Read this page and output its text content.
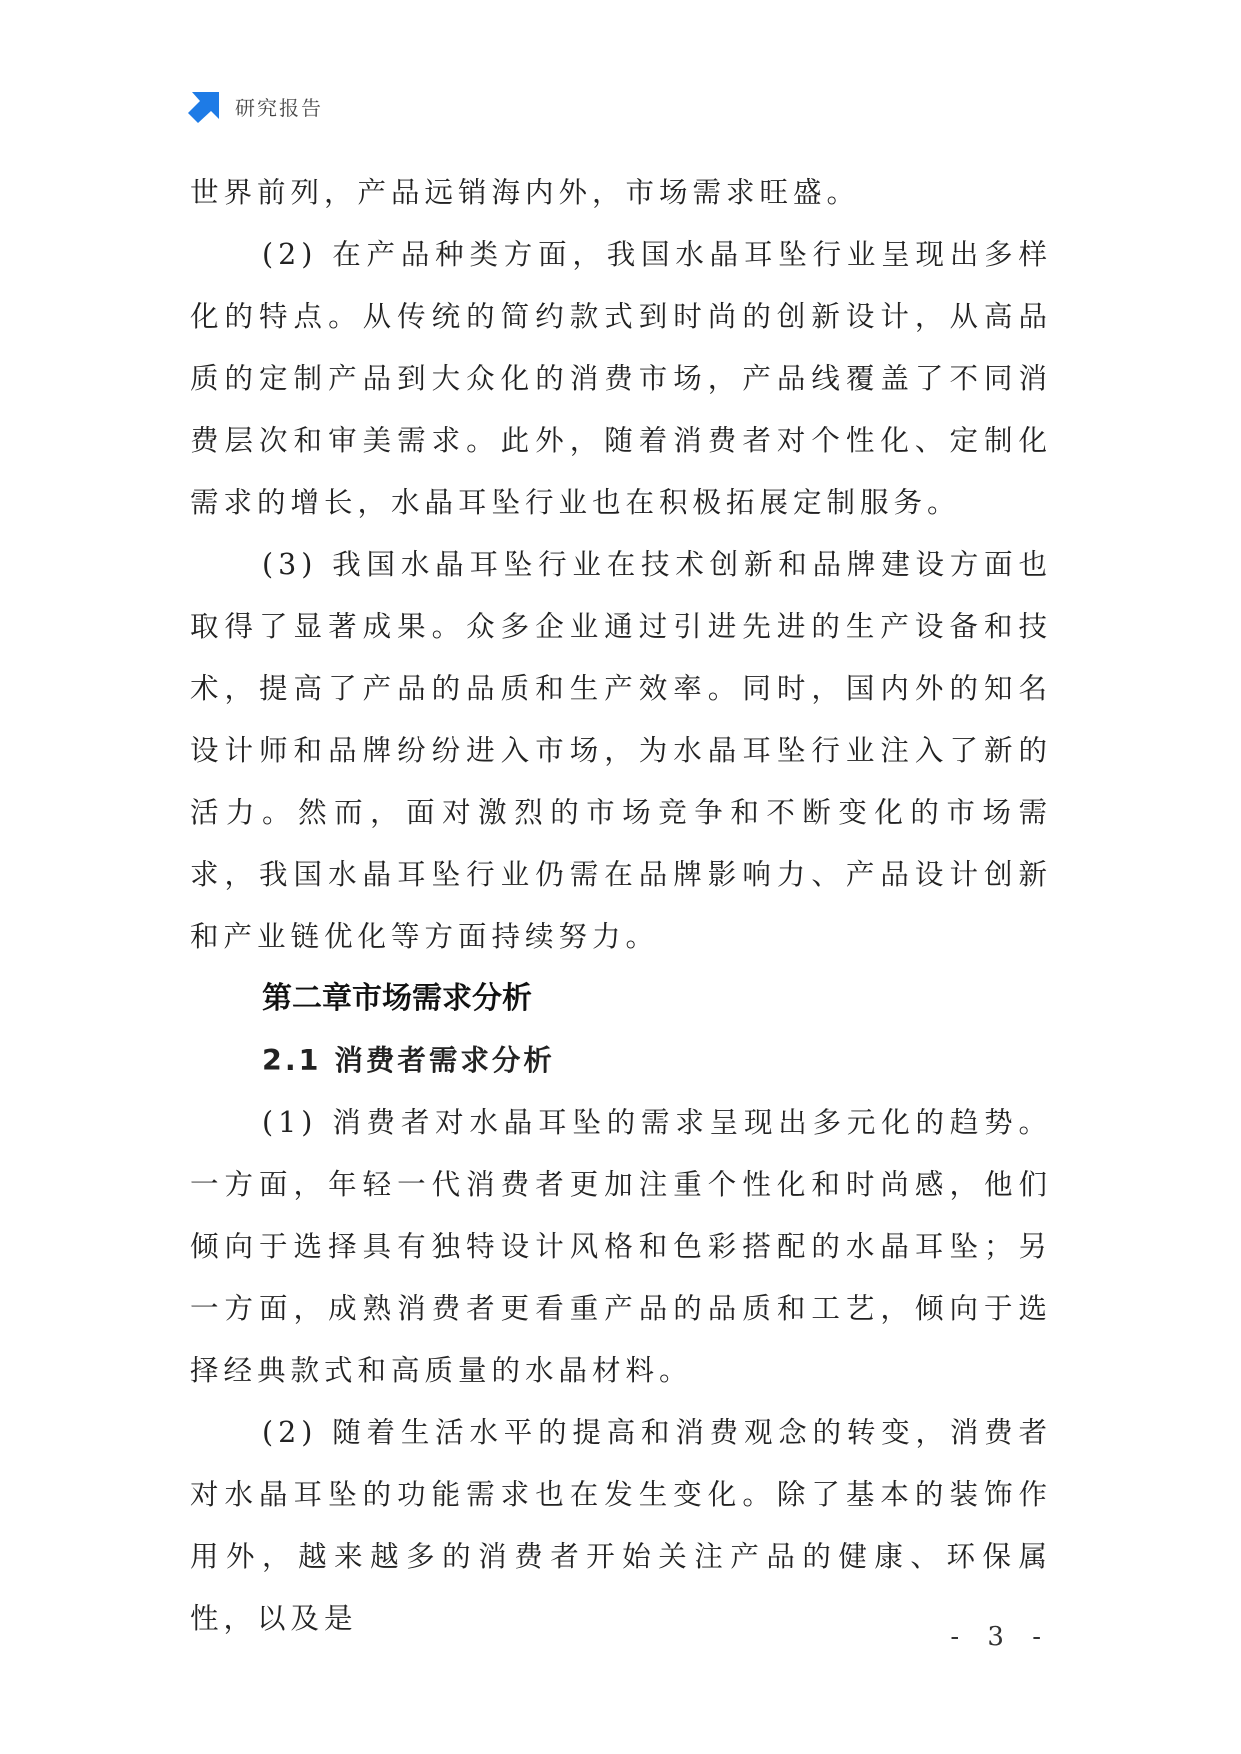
研究报告

世界前列，产品远销海内外，市场需求旺盛。

(2) 在产品种类方面，我国水晶耳坠行业呈现出多样化的特点。从传统的简约款式到时尚的创新设计，从高品质的定制产品到大众化的消费市场，产品线覆盖了不同消费层次和审美需求。此外，随着消费者对个性化、定制化需求的增长，水晶耳坠行业也在积极拓展定制服务。

(3) 我国水晶耳坠行业在技术创新和品牌建设方面也取得了显著成果。众多企业通过引进先进的生产设备和技术，提高了产品的品质和生产效率。同时，国内外的知名设计师和品牌纷纷进入市场，为水晶耳坠行业注入了新的活力。然而，面对激烈的市场竞争和不断变化的市场需求，我国水晶耳坠行业仍需在品牌影响力、产品设计创新和产业链优化等方面持续努力。

第二章市场需求分析
2.1 消费者需求分析

(1) 消费者对水晶耳坠的需求呈现出多元化的趋势。一方面，年轻一代消费者更加注重个性化和时尚感，他们倾向于选择具有独特设计风格和色彩搭配的水晶耳坠；另一方面，成熟消费者更看重产品的品质和工艺，倾向于选择经典款式和高质量的水晶材料。

(2) 随着生活水平的提高和消费观念的转变，消费者对水晶耳坠的功能需求也在发生变化。除了基本的装饰作用外，越来越多的消费者开始关注产品的健康、环保属性，以及是

- 3 -
